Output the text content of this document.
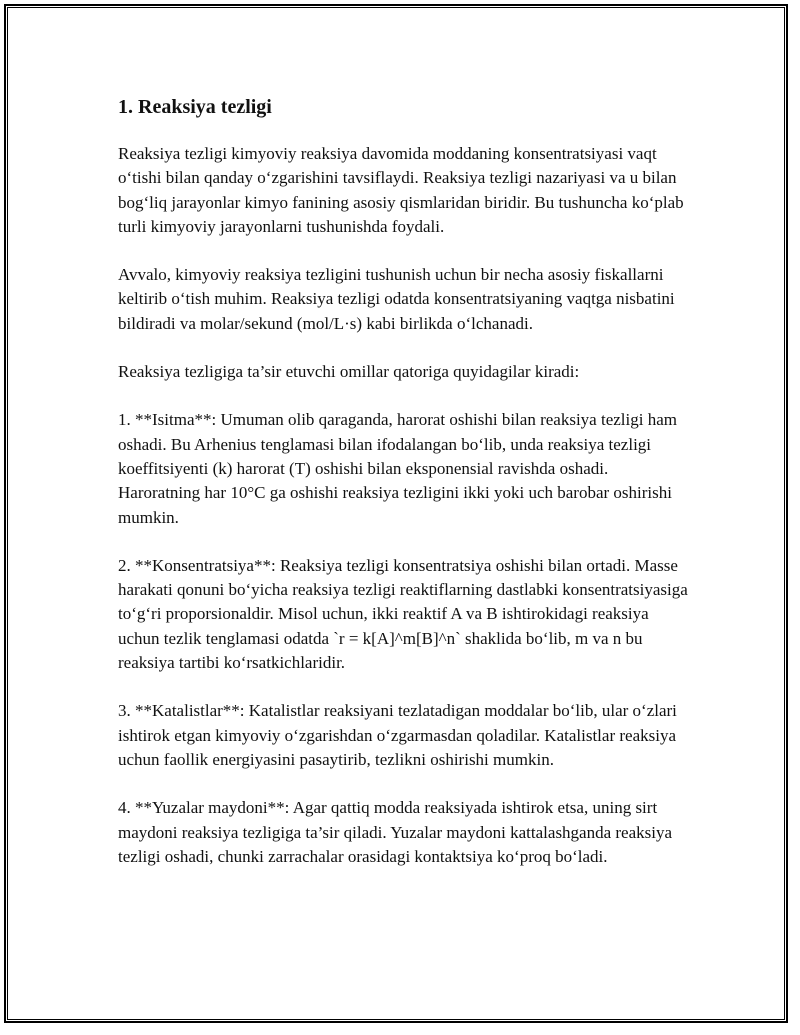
1. Reaksiya tezligi

Reaksiya tezligi kimyoviy reaksiya davomida moddaning konsentratsiyasi vaqt o‘tishi bilan qanday o‘zgarishini tavsiflaydi. Reaksiya tezligi nazariyasi va u bilan bog‘liq jarayonlar kimyo fanining asosiy qismlaridan biridir. Bu tushuncha ko‘plab turli kimyoviy jarayonlarni tushunishda foydali.

Avvalo, kimyoviy reaksiya tezligini tushunish uchun bir necha asosiy fiskallarni keltirib o‘tish muhim. Reaksiya tezligi odatda konsentratsiyaning vaqtga nisbatini bildiradi va molar/sekund (mol/L·s) kabi birlikda o‘lchanadi.

Reaksiya tezligiga ta’sir etuvchi omillar qatoriga quyidagilar kiradi:

1. **Isitma**: Umuman olib qaraganda, harorat oshishi bilan reaksiya tezligi ham oshadi. Bu Arhenius tenglamasi bilan ifodalangan bo‘lib, unda reaksiya tezligi koeffitsiyenti (k) harorat (T) oshishi bilan eksponensial ravishda oshadi. Haroratning har 10°C ga oshishi reaksiya tezligini ikki yoki uch barobar oshirishi mumkin.

2. **Konsentratsiya**: Reaksiya tezligi konsentratsiya oshishi bilan ortadi. Masse harakati qonuni bo‘yicha reaksiya tezligi reaktiflarning dastlabki konsentratsiyasiga to‘g‘ri proporsionaldir. Misol uchun, ikki reaktif A va B ishtirokidagi reaksiya uchun tezlik tenglamasi odatda `r = k[A]^m[B]^n` shaklida bo‘lib, m va n bu reaksiya tartibi ko‘rsatkichlaridir.

3. **Katalistlar**: Katalistlar reaksiyani tezlatadigan moddalar bo‘lib, ular o‘zlari ishtirok etgan kimyoviy o‘zgarishdan o‘zgarmasdan qoladilar. Katalistlar reaksiya uchun faollik energiyasini pasaytirib, tezlikni oshirishi mumkin.

4. **Yuzalar maydoni**: Agar qattiq modda reaksiyada ishtirok etsa, uning sirt maydoni reaksiya tezligiga ta’sir qiladi. Yuzalar maydoni kattalashganda reaksiya tezligi oshadi, chunki zarrachalar orasidagi kontaktsiya ko‘proq bo‘ladi.
